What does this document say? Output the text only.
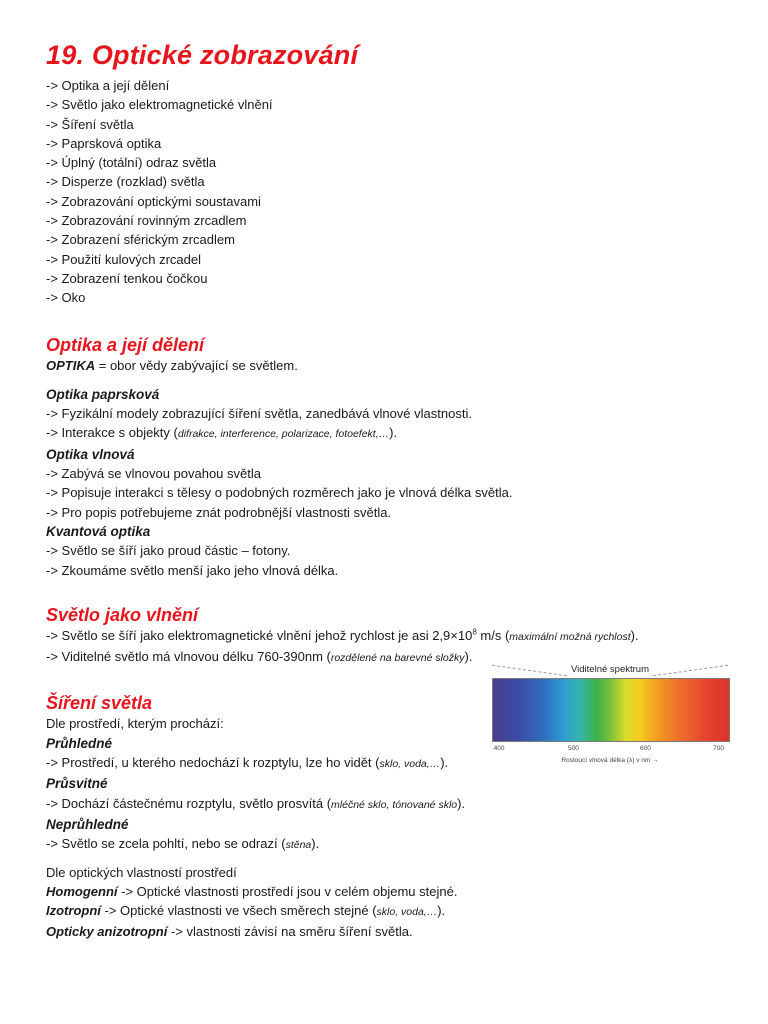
19. Optické zobrazování
-> Optika a její dělení
-> Světlo jako elektromagnetické vlnění
-> Šíření světla
-> Paprsková optika
-> Úplný (totální) odraz světla
-> Disperze (rozklad) světla
-> Zobrazování optickými soustavami
-> Zobrazování rovinným zrcadlem
-> Zobrazení sférickým zrcadlem
-> Použití kulových zrcadel
-> Zobrazení tenkou čočkou
-> Oko
Optika a její dělení
OPTIKA = obor vědy zabývající se světlem.
Optika paprsková
-> Fyzikální modely zobrazující šíření světla, zanedbává vlnové vlastnosti.
-> Interakce s objekty (difrakce, interference, polarizace, fotoefekt,…).
Optika vlnová
-> Zabývá se vlnovou povahou světla
-> Popisuje interakci s tělesy o podobných rozměrech jako je vlnová délka světla.
-> Pro popis potřebujeme znát podrobnější vlastnosti světla.
Kvantová optika
-> Světlo se šíří jako proud částic – fotony.
-> Zkoumáme světlo menší jako jeho vlnová délka.
Světlo jako vlnění
-> Světlo se šíří jako elektromagnetické vlnění jehož rychlost je asi $2,9\times 10^8$ m/s (maximální možná rychlost).
-> Viditelné světlo má vlnovou délku 760-390nm (rozdělené na barevné složky).
Šíření světla
Dle prostředí, kterým prochází:
Průhledné
-> Prostředí, u kterého nedochází k rozptylu, lze ho vidět (sklo, voda,…).
Průsvitné
-> Dochází částečnému rozptylu, světlo prosvítá (mléčné sklo, tónované sklo).
Neprůhledné
-> Světlo se zcela pohltí, nebo se odrazí (stěna).
Dle optických vlastností prostředí
Homogenní -> Optické vlastnosti prostředí jsou v celém objemu stejné.
Izotropní -> Optické vlastnosti ve všech směrech stejné (sklo, voda,…).
Opticky anizotropní -> vlastnosti závisí na směru šíření světla.
Viditelné spektrum
400	500	600	700
Rostoucí vlnová délka (λ) v nm →
